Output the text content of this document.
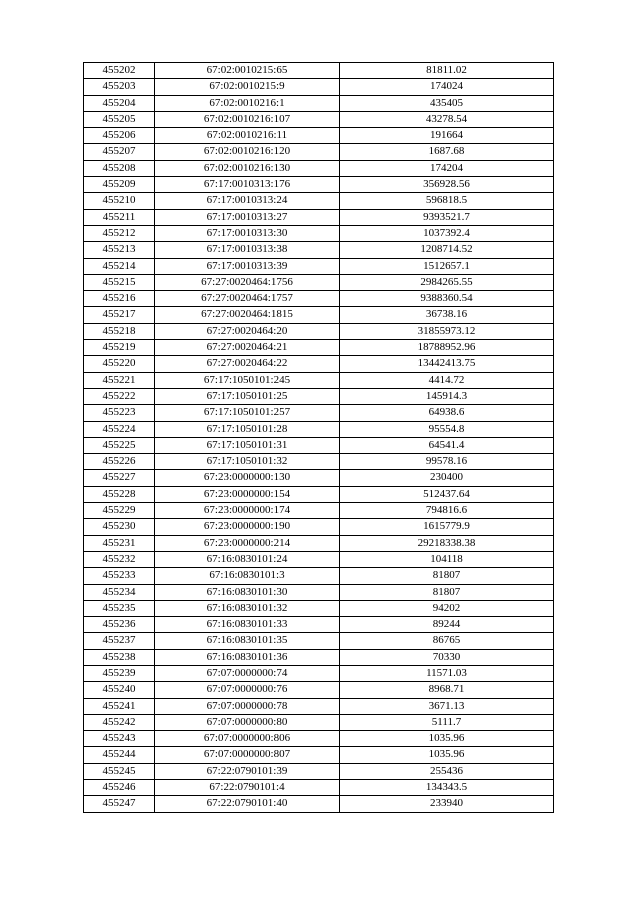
455202	67:02:0010215:65	81811.02
455203	67:02:0010215:9	174024
455204	67:02:0010216:1	435405
455205	67:02:0010216:107	43278.54
455206	67:02:0010216:11	191664
455207	67:02:0010216:120	1687.68
455208	67:02:0010216:130	174204
455209	67:17:0010313:176	356928.56
455210	67:17:0010313:24	596818.5
455211	67:17:0010313:27	9393521.7
455212	67:17:0010313:30	1037392.4
455213	67:17:0010313:38	1208714.52
455214	67:17:0010313:39	1512657.1
455215	67:27:0020464:1756	2984265.55
455216	67:27:0020464:1757	9388360.54
455217	67:27:0020464:1815	36738.16
455218	67:27:0020464:20	31855973.12
455219	67:27:0020464:21	18788952.96
455220	67:27:0020464:22	13442413.75
455221	67:17:1050101:245	4414.72
455222	67:17:1050101:25	145914.3
455223	67:17:1050101:257	64938.6
455224	67:17:1050101:28	95554.8
455225	67:17:1050101:31	64541.4
455226	67:17:1050101:32	99578.16
455227	67:23:0000000:130	230400
455228	67:23:0000000:154	512437.64
455229	67:23:0000000:174	794816.6
455230	67:23:0000000:190	1615779.9
455231	67:23:0000000:214	29218338.38
455232	67:16:0830101:24	104118
455233	67:16:0830101:3	81807
455234	67:16:0830101:30	81807
455235	67:16:0830101:32	94202
455236	67:16:0830101:33	89244
455237	67:16:0830101:35	86765
455238	67:16:0830101:36	70330
455239	67:07:0000000:74	11571.03
455240	67:07:0000000:76	8968.71
455241	67:07:0000000:78	3671.13
455242	67:07:0000000:80	5111.7
455243	67:07:0000000:806	1035.96
455244	67:07:0000000:807	1035.96
455245	67:22:0790101:39	255436
455246	67:22:0790101:4	134343.5
455247	67:22:0790101:40	233940
